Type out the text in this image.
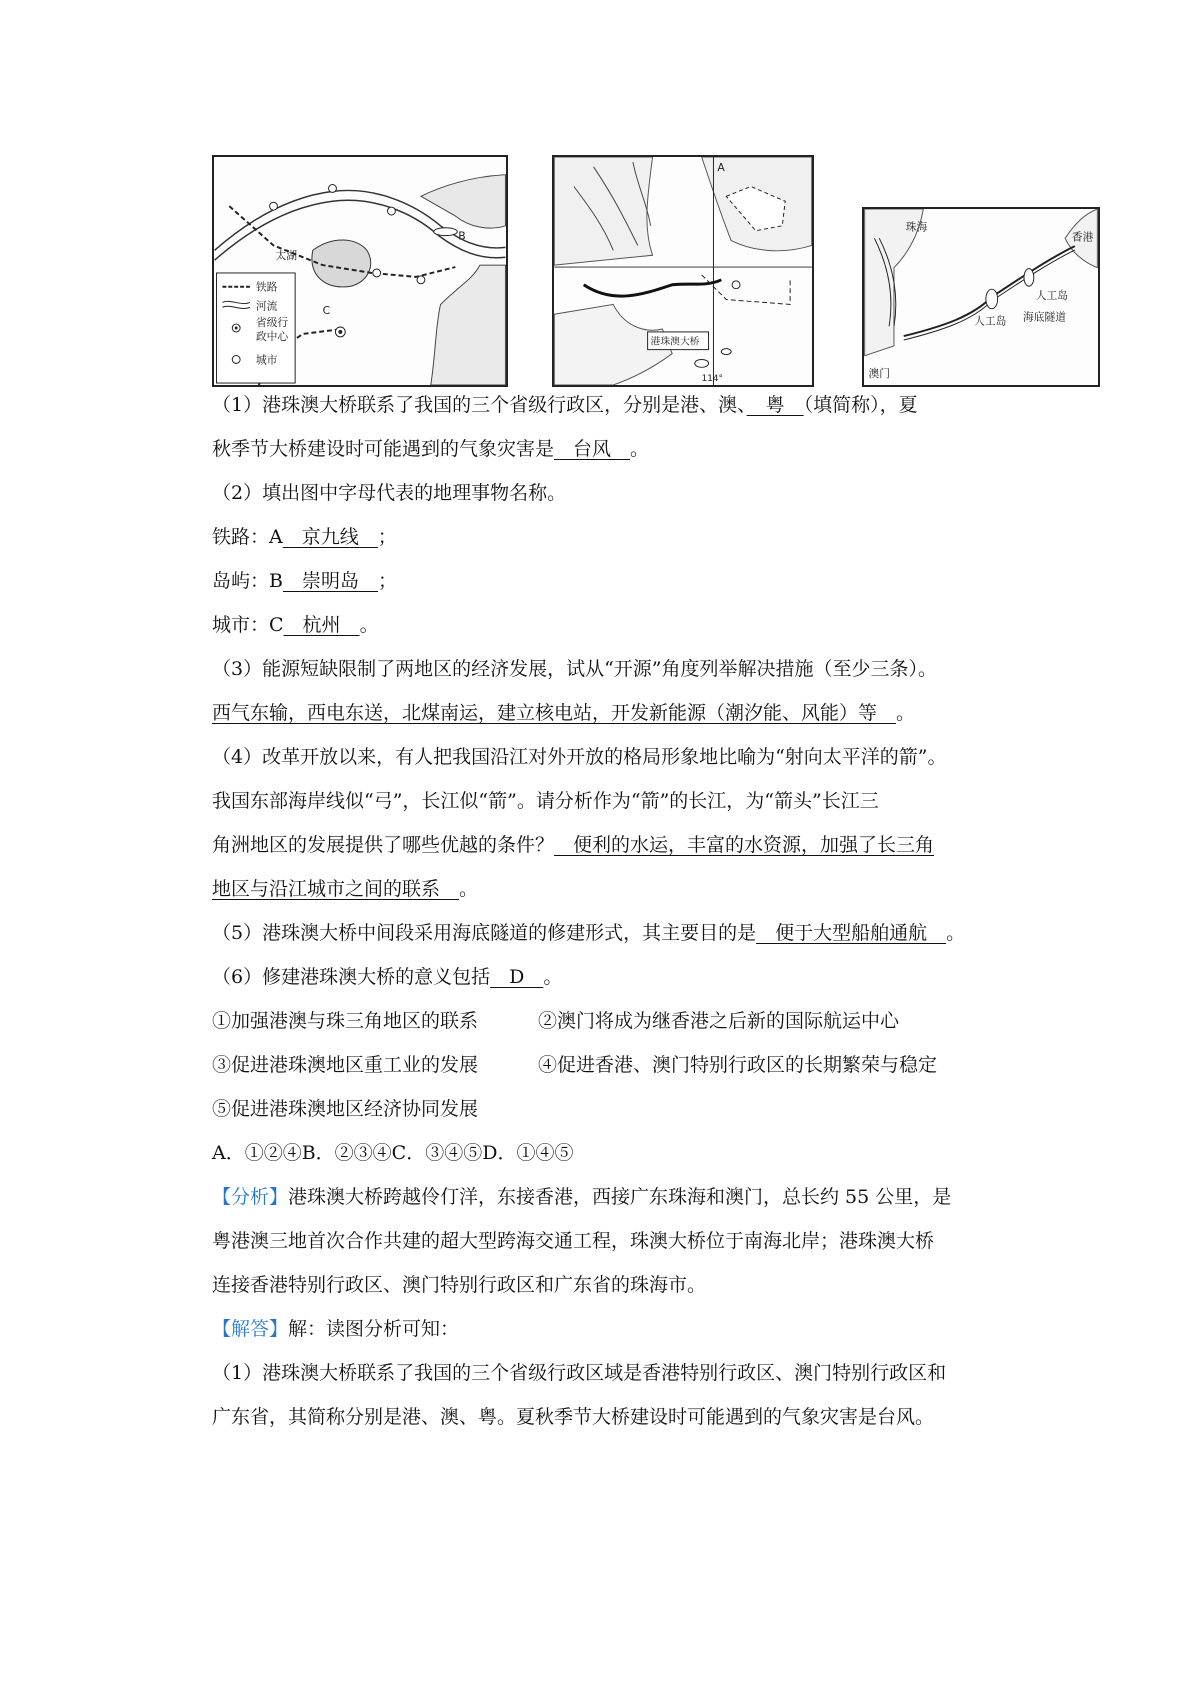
太湖
B
C
铁路
河流
省级行
政中心
城市
A
港珠澳大桥
114°
珠海
香港
澳门
人工岛
人工岛 海底隧道
（1）港珠澳大桥联系了我国的三个省级行政区，分别是港、澳、　粤　（填简称），夏
秋季节大桥建设时可能遇到的气象灾害是　台风　。
（2）填出图中字母代表的地理事物名称。
铁路：A　京九线　；
岛屿：B　崇明岛　；
城市：C　杭州　。
（3）能源短缺限制了两地区的经济发展，试从“开源”角度列举解决措施（至少三条）。
西气东输，西电东送，北煤南运，建立核电站，开发新能源（潮汐能、风能）等　。
（4）改革开放以来，有人把我国沿江对外开放的格局形象地比喻为“射向太平洋的箭”。
我国东部海岸线似“弓”，长江似“箭”。请分析作为“箭”的长江，为“箭头”长江三
角洲地区的发展提供了哪些优越的条件？　便利的水运，丰富的水资源，加强了长三角
地区与沿江城市之间的联系　。
（5）港珠澳大桥中间段采用海底隧道的修建形式，其主要目的是　便于大型船舶通航　。
（6）修建港珠澳大桥的意义包括　D　。
①加强港澳与珠三角地区的联系	②澳门将成为继香港之后新的国际航运中心
③促进港珠澳地区重工业的发展	④促进香港、澳门特别行政区的长期繁荣与稳定
⑤促进港珠澳地区经济协同发展
A．①②④B．②③④C．③④⑤D．①④⑤
【分析】港珠澳大桥跨越伶仃洋，东接香港，西接广东珠海和澳门，总长约 55 公里，是
粤港澳三地首次合作共建的超大型跨海交通工程，珠澳大桥位于南海北岸；港珠澳大桥
连接香港特别行政区、澳门特别行政区和广东省的珠海市。
【解答】解：读图分析可知：
（1）港珠澳大桥联系了我国的三个省级行政区域是香港特别行政区、澳门特别行政区和
广东省，其简称分别是港、澳、粤。夏秋季节大桥建设时可能遇到的气象灾害是台风。
